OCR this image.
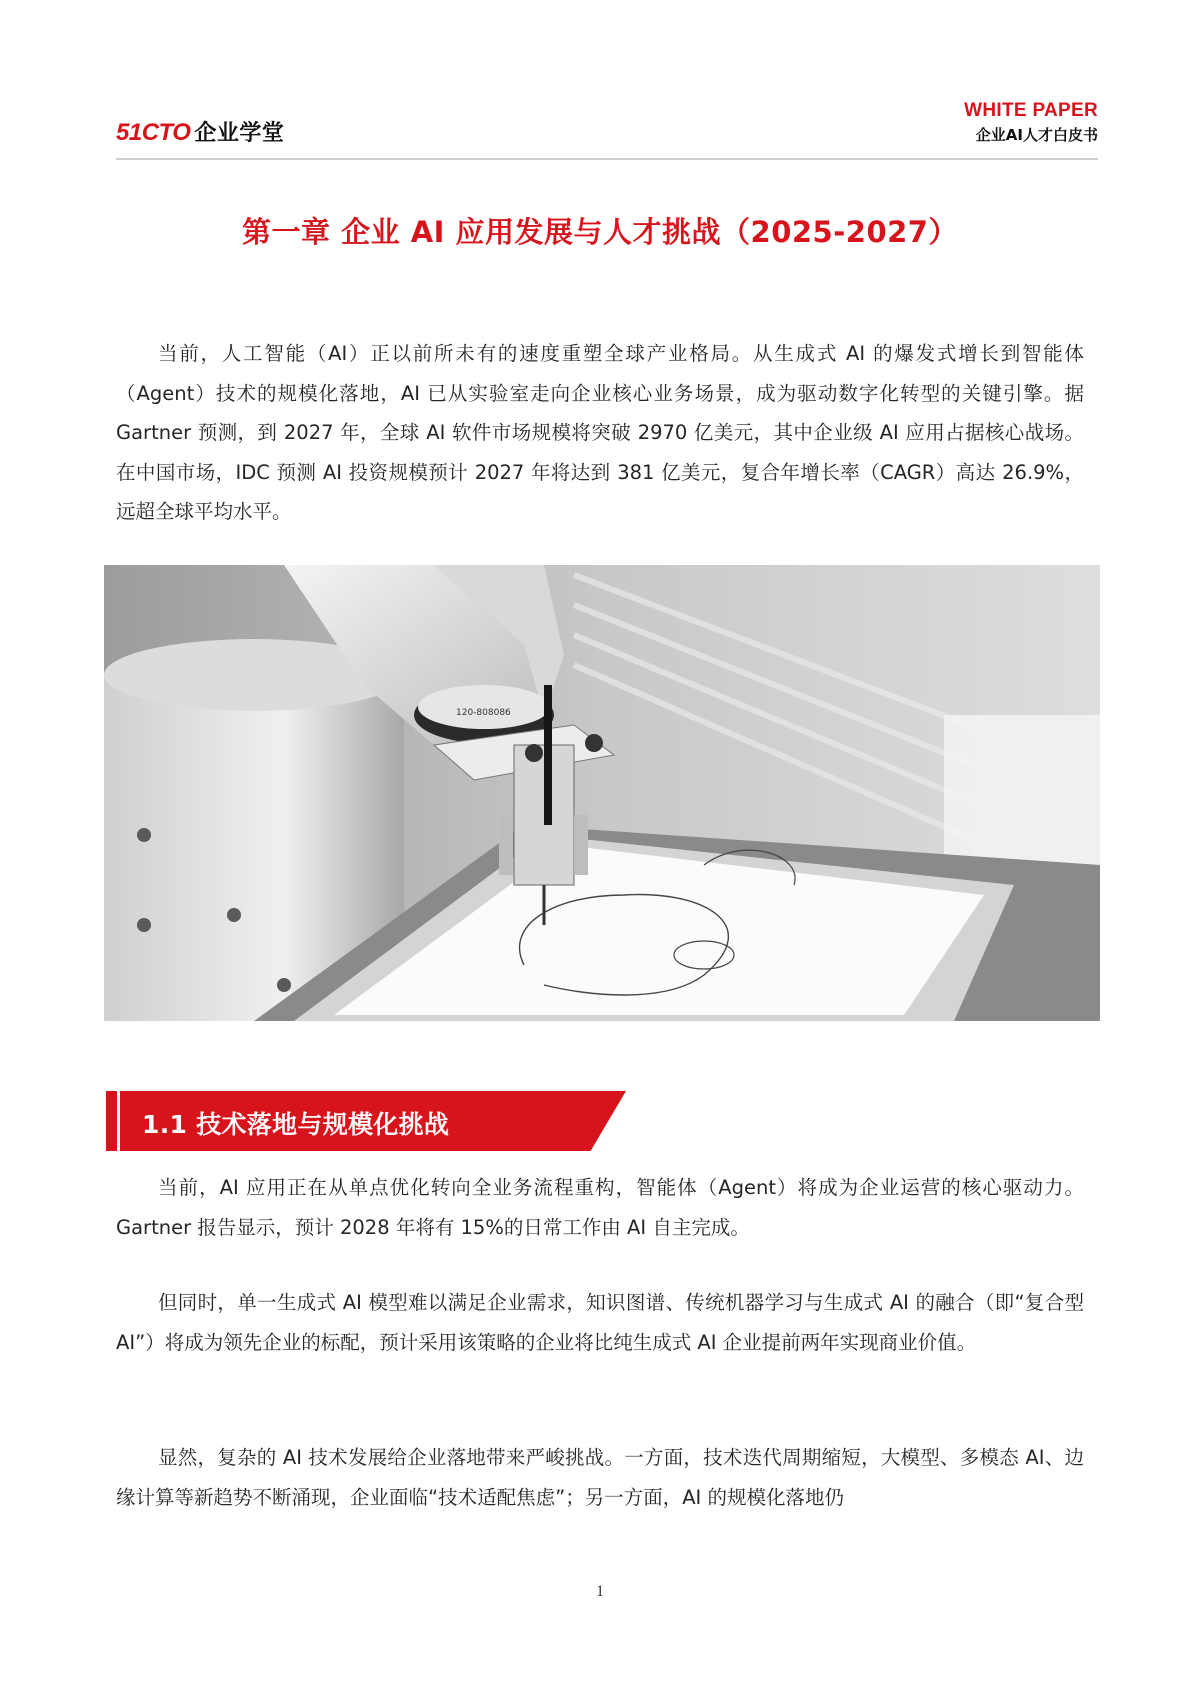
51CTO 企业学堂
WHITE PAPER
企业AI人才白皮书
第一章 企业 AI 应用发展与人才挑战（2025-2027）

当前，人工智能（AI）正以前所未有的速度重塑全球产业格局。从生成式 AI 的爆发式增长到智能体（Agent）技术的规模化落地，AI 已从实验室走向企业核心业务场景，成为驱动数字化转型的关键引擎。据 Gartner 预测，到 2027 年，全球 AI 软件市场规模将突破 2970 亿美元，其中企业级 AI 应用占据核心战场。在中国市场，IDC 预测 AI 投资规模预计 2027 年将达到 381 亿美元，复合年增长率（CAGR）高达 26.9%，远超全球平均水平。

120-808086
1.1 技术落地与规模化挑战

当前，AI 应用正在从单点优化转向全业务流程重构，智能体（Agent）将成为企业运营的核心驱动力。Gartner 报告显示，预计 2028 年将有 15%的日常工作由 AI 自主完成。

但同时，单一生成式 AI 模型难以满足企业需求，知识图谱、传统机器学习与生成式 AI 的融合（即“复合型 AI”）将成为领先企业的标配，预计采用该策略的企业将比纯生成式 AI 企业提前两年实现商业价值。

显然，复杂的 AI 技术发展给企业落地带来严峻挑战。一方面，技术迭代周期缩短，大模型、多模态 AI、边缘计算等新趋势不断涌现，企业面临“技术适配焦虑”；另一方面，AI 的规模化落地仍

1
